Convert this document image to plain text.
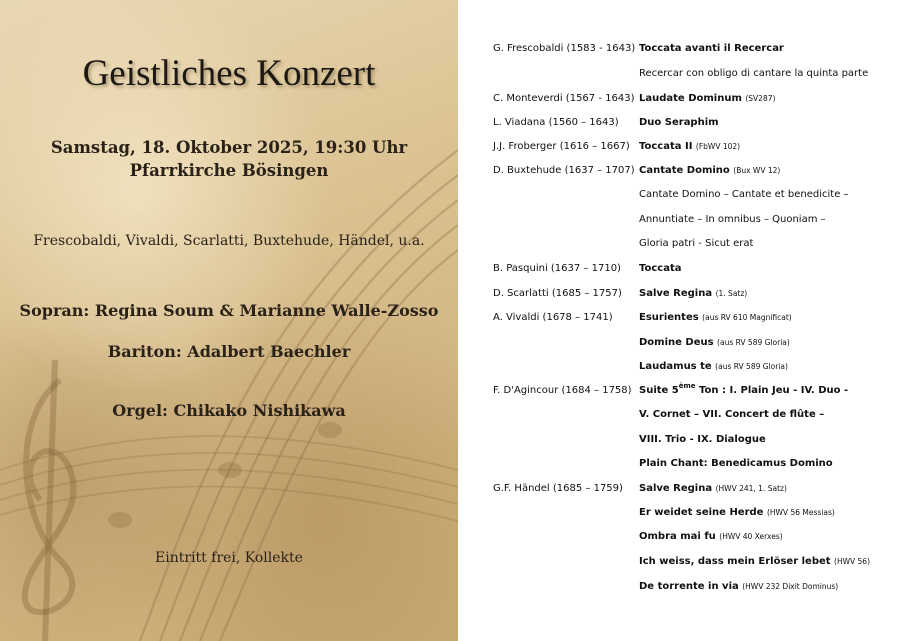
Geistliches Konzert
Samstag, 18. Oktober 2025, 19:30 Uhr
Pfarrkirche Bösingen
Frescobaldi, Vivaldi, Scarlatti, Buxtehude, Händel, u.a.
Sopran: Regina Soum & Marianne Walle-Zosso
Bariton: Adalbert Baechler
Orgel: Chikako Nishikawa
Eintritt frei, Kollekte
G. Frescobaldi (1583 - 1643) Toccata avanti il Recercar
Recercar con obligo di cantare la quinta parte
C. Monteverdi (1567 - 1643) Laudate Dominum (SV287)
L. Viadana (1560 – 1643) Duo Seraphim
J.J. Froberger (1616 – 1667) Toccata II (FbWV 102)
D. Buxtehude (1637 – 1707) Cantate Domino (Bux WV 12)
Cantate Domino – Cantate et benedicite –
Annuntiate – In omnibus – Quoniam –
Gloria patri - Sicut erat
B. Pasquini (1637 – 1710) Toccata
D. Scarlatti (1685 – 1757) Salve Regina (1. Satz)
A. Vivaldi (1678 – 1741)	Esurientes (aus RV 610 Magnificat)
Domine Deus (aus RV 589 Gloria)
Laudamus te (aus RV 589 Gloria)
F. D'Agincour (1684 – 1758) Suite 5ème Ton : I. Plain Jeu - IV. Duo -
V. Cornet – VII. Concert de flûte –
VIII. Trio - IX. Dialogue
Plain Chant: Benedicamus Domino
G.F. Händel (1685 – 1759) Salve Regina (HWV 241, 1. Satz)
Er weidet seine Herde (HWV 56 Messias)
Ombra mai fu (HWV 40 Xerxes)
Ich weiss, dass mein Erlöser lebet (HWV 56)
De torrente in via (HWV 232 Dixit Dominus)
